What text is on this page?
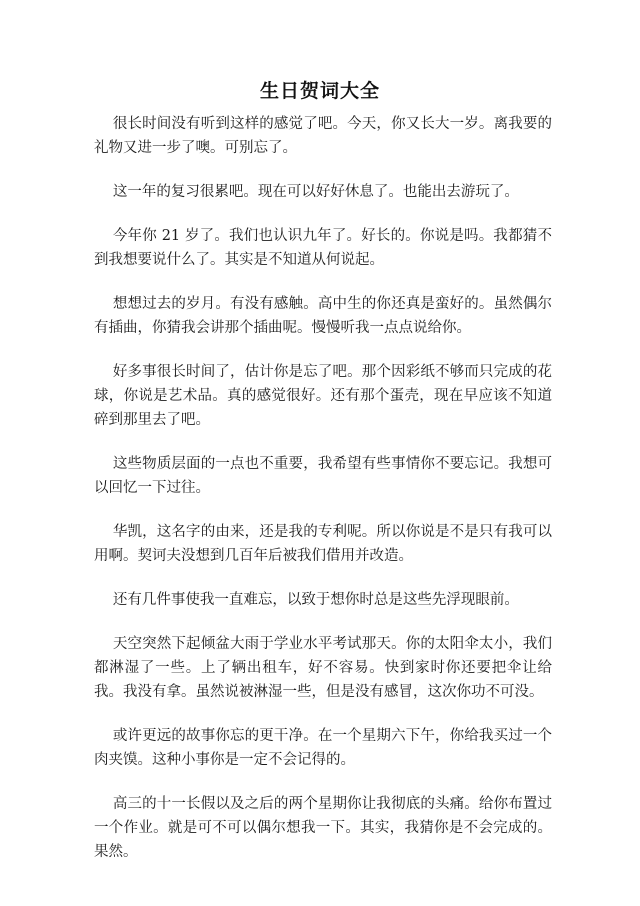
生日贺词大全

很长时间没有听到这样的感觉了吧。今天，你又长大一岁。离我要的礼物又进一步了噢。可别忘了。

这一年的复习很累吧。现在可以好好休息了。也能出去游玩了。

今年你 21 岁了。我们也认识九年了。好长的。你说是吗。我都猜不到我想要说什么了。其实是不知道从何说起。

想想过去的岁月。有没有感触。高中生的你还真是蛮好的。虽然偶尔有插曲，你猜我会讲那个插曲呢。慢慢听我一点点说给你。

好多事很长时间了，估计你是忘了吧。那个因彩纸不够而只完成的花球，你说是艺术品。真的感觉很好。还有那个蛋壳，现在早应该不知道碎到那里去了吧。

这些物质层面的一点也不重要，我希望有些事情你不要忘记。我想可以回忆一下过往。

华凯，这名字的由来，还是我的专利呢。所以你说是不是只有我可以用啊。契诃夫没想到几百年后被我们借用并改造。

还有几件事使我一直难忘，以致于想你时总是这些先浮现眼前。

天空突然下起倾盆大雨于学业水平考试那天。你的太阳伞太小，我们都淋湿了一些。上了辆出租车，好不容易。快到家时你还要把伞让给我。我没有拿。虽然说被淋湿一些，但是没有感冒，这次你功不可没。

或许更远的故事你忘的更干净。在一个星期六下午，你给我买过一个肉夹馍。这种小事你是一定不会记得的。

高三的十一长假以及之后的两个星期你让我彻底的头痛。给你布置过一个作业。就是可不可以偶尔想我一下。其实，我猜你是不会完成的。果然。
